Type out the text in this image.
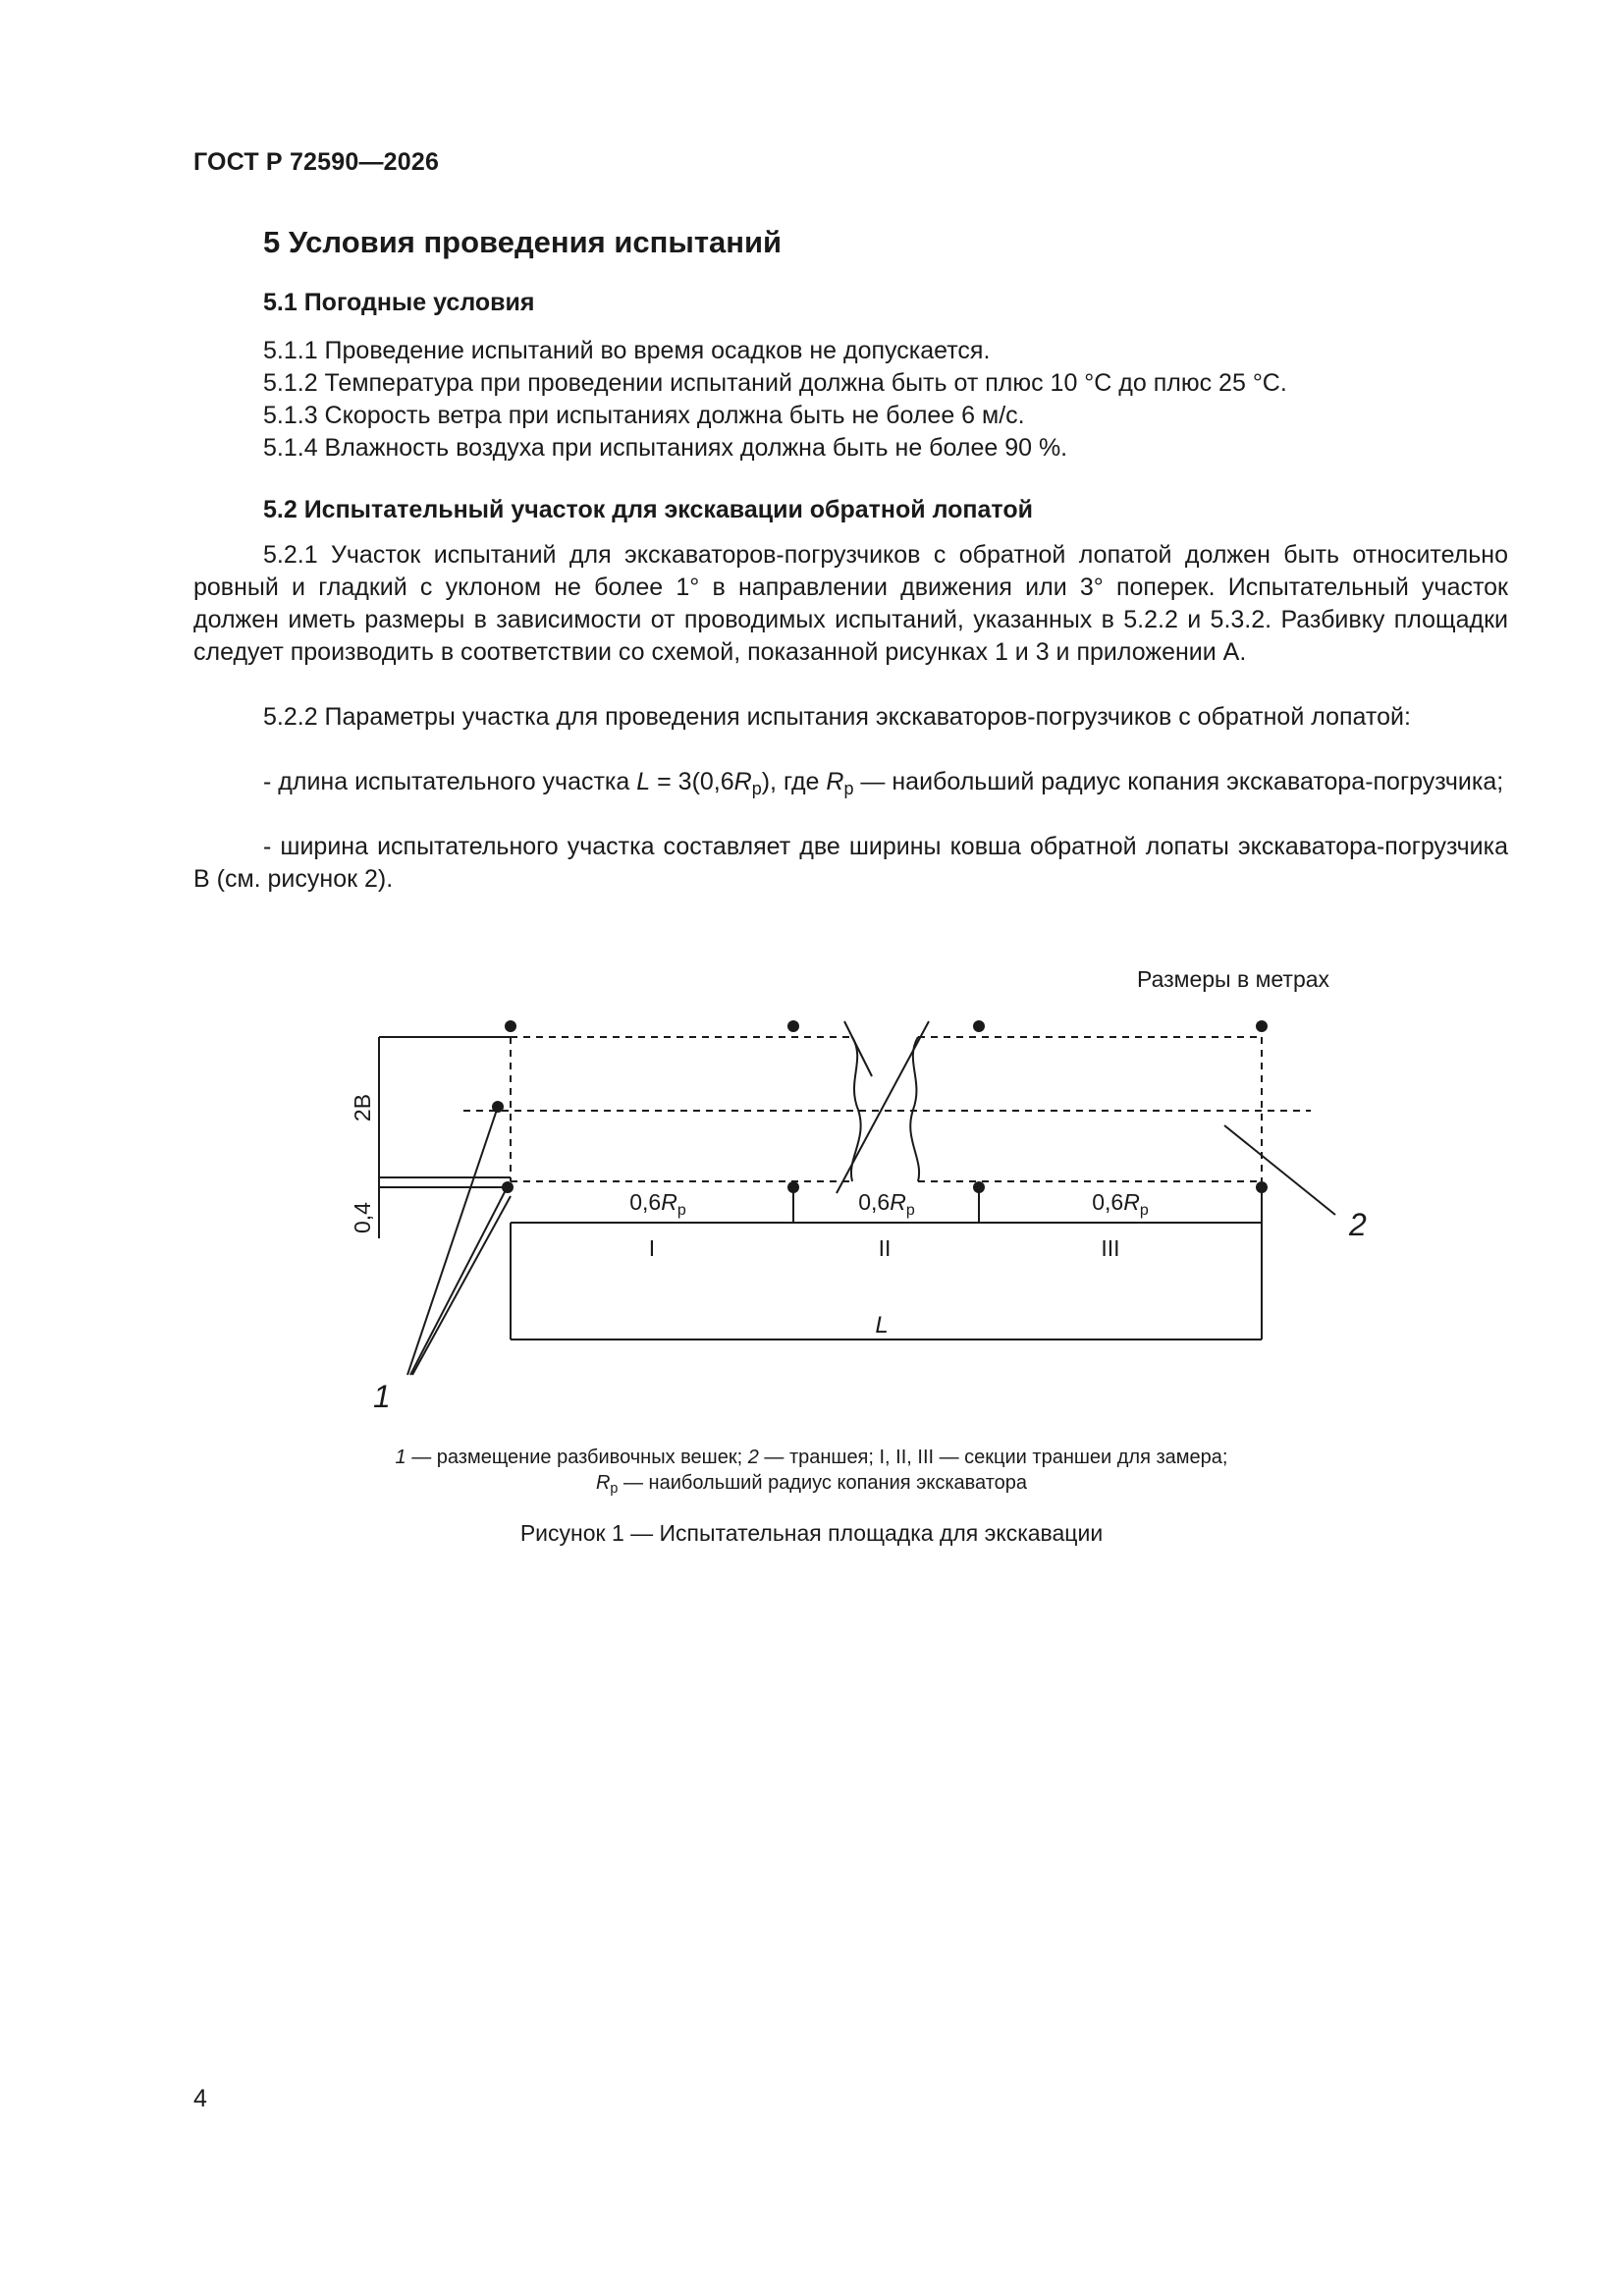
ГОСТ Р 72590—2026
5 Условия проведения испытаний
5.1 Погодные условия
5.1.1 Проведение испытаний во время осадков не допускается.
5.1.2 Температура при проведении испытаний должна быть от плюс 10 °С до плюс 25 °С.
5.1.3 Скорость ветра при испытаниях должна быть не более 6 м/с.
5.1.4 Влажность воздуха при испытаниях должна быть не более 90 %.
5.2 Испытательный участок для экскавации обратной лопатой
5.2.1 Участок испытаний для экскаваторов-погрузчиков с обратной лопатой должен быть относительно ровный и гладкий с уклоном не более 1° в направлении движения или 3° поперек. Испытательный участок должен иметь размеры в зависимости от проводимых испытаний, указанных в 5.2.2 и 5.3.2. Разбивку площадки следует производить в соответствии со схемой, показанной рисунках 1 и 3 и приложении А.
5.2.2 Параметры участка для проведения испытания экскаваторов-погрузчиков с обратной лопатой:
- длина испытательного участка $L = 3(0,6R_р)$, где $R_р$ — наибольший радиус копания экскаватора-погрузчика;
- ширина испытательного участка составляет две ширины ковша обратной лопаты экскаватора-погрузчика В (см. рисунок 2).
Размеры в метрах
2B
0,4
$0,6R_р$	$0,6R_р$	$0,6R_р$
I	II	III
L
1
2
1 — размещение разбивочных вешек; 2 — траншея; I, II, III — секции траншеи для замера;
$R_р$ — наибольший радиус копания экскаватора
Рисунок 1 — Испытательная площадка для экскавации
4
